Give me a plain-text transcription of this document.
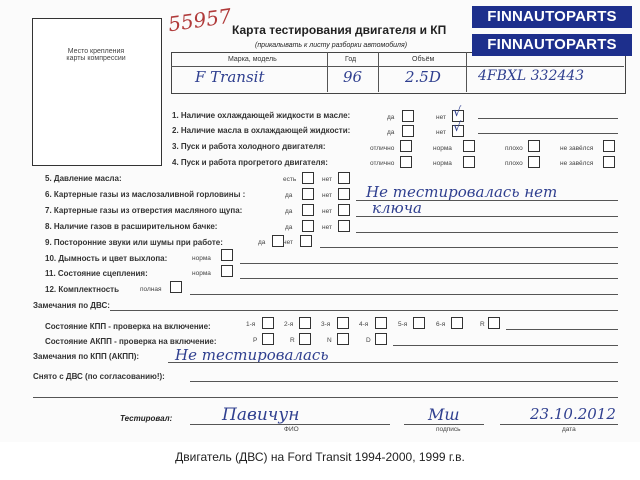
Место крепления
карты компрессии
55957 Карта тестирования двигателя и КП
(прикалывать к листу разборки автомобиля)
Марка, модель	Год	Объём
F Transit	96	2.5D	4FBXL 332443
1. Наличие охлаждающей жидкости в масле:	да	нет √
2. Наличие масла в охлаждающей жидкости:	да	нет √
3. Пуск и работа холодного двигателя:	отлично	норма	плохо	не завёлся
4. Пуск и работа прогретого двигателя:	отлично	норма	плохо	не завёлся
5. Давление масла:	есть	нет
6. Картерные газы из маслозаливной горловины :	да	нет
7. Картерные газы из отверстия масляного щупа:	да	нет
8. Наличие газов в расширительном бачке:	да	нет
Не тестировалась нет
ключа
9. Посторонние звуки или шумы при работе:	да	нет
10. Дымность и цвет выхлопа:	норма
11. Состояние сцепления:	норма
12. Комплектность	полная
Замечания по ДВС:
Состояние КПП - проверка на включение:	1-я	2-я	3-я	4-я	5-я	6-я	R
Состояние АКПП - проверка на включение:	P	R	N	D
Замечания по КПП (АКПП): Не тестировалась
Снято с ДВС (по согласованию!):
Тестировал:	Павичун
ФИО
Мш
подпись
23.10.2012
дата
FINNAUTOPARTS
FINNAUTOPARTS
Двигатель (ДВС) на Ford Transit 1994-2000, 1999 г.в.
